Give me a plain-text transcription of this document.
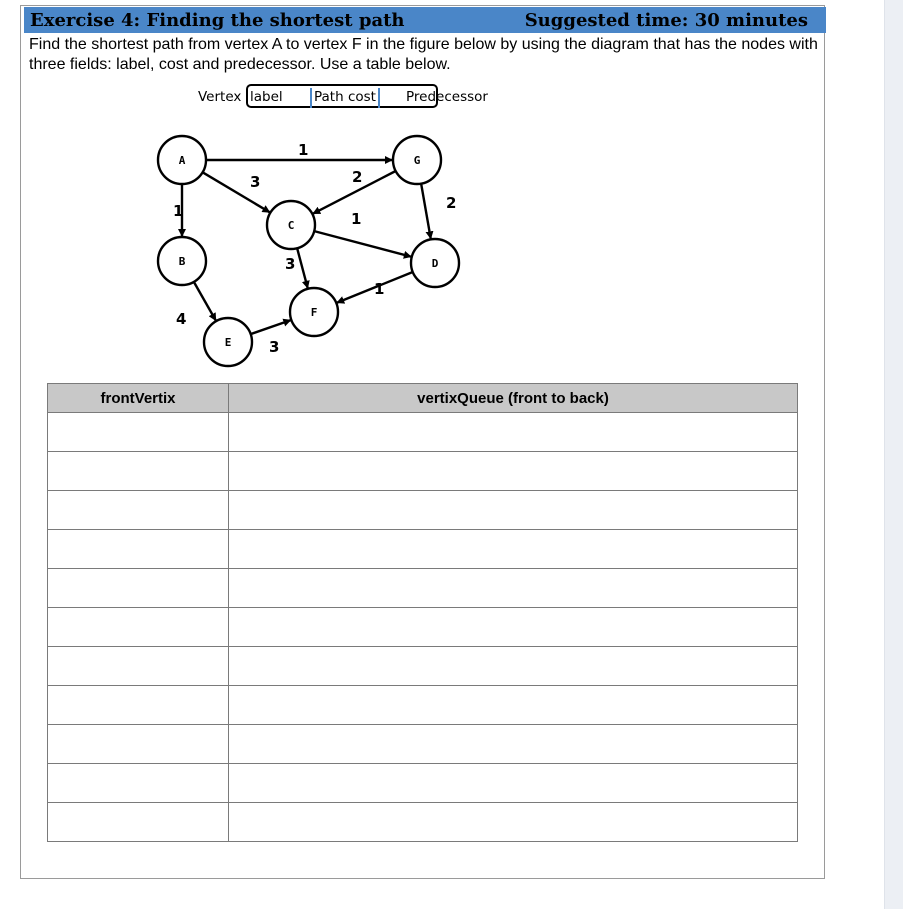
Exercise 4: Finding the shortest path	Suggested time: 30 minutes
Find the shortest path from vertex A to vertex F in the figure below by using the diagram that has the nodes with three fields: label, cost and predecessor. Use a table below.
Vertex label Path cost Predecessor
1
3
1
2
2
1
3
1
4
3
A
B
C
D
E
F
G
frontVertix	vertixQueue (front to back)
